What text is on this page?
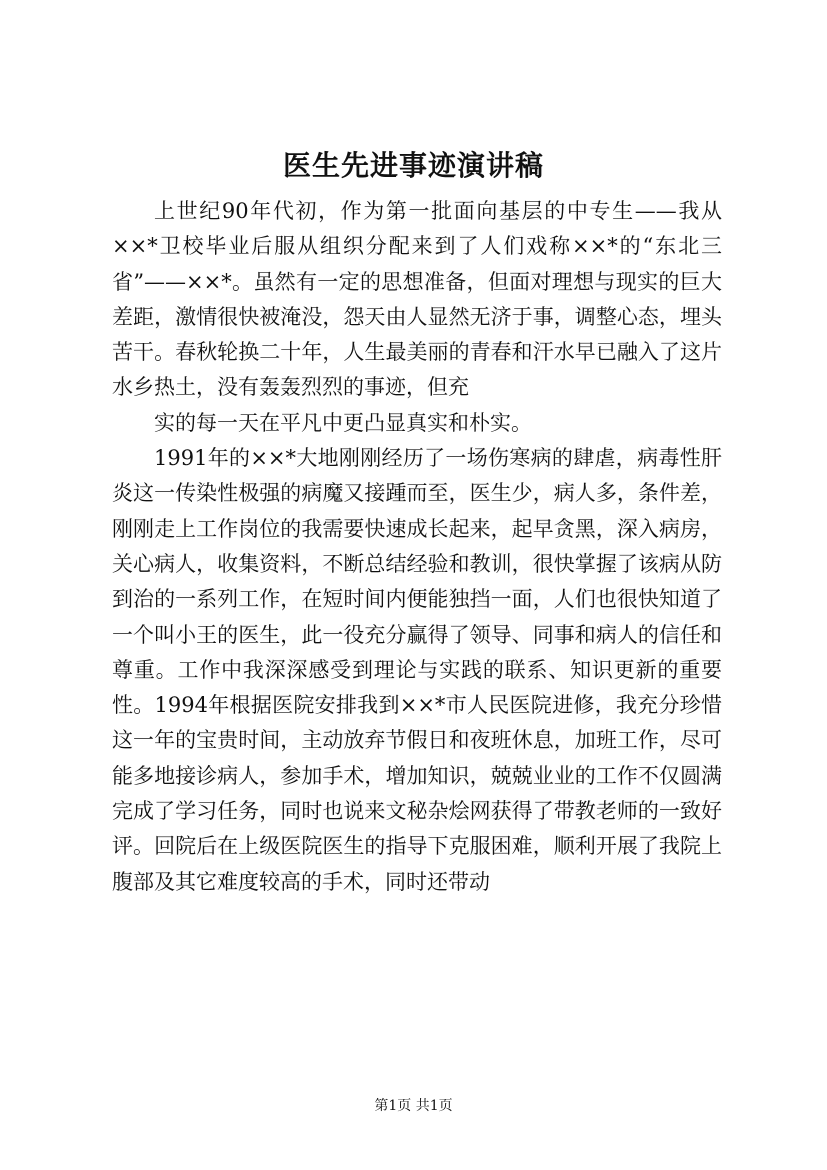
医生先进事迹演讲稿

上世纪90年代初，作为第一批面向基层的中专生——我从××*卫校毕业后服从组织分配来到了人们戏称××*的“东北三省”——××*。虽然有一定的思想准备，但面对理想与现实的巨大差距，激情很快被淹没，怨天由人显然无济于事，调整心态，埋头苦干。春秋轮换二十年，人生最美丽的青春和汗水早已融入了这片水乡热土，没有轰轰烈烈的事迹，但充

实的每一天在平凡中更凸显真实和朴实。

1991年的××*大地刚刚经历了一场伤寒病的肆虐，病毒性肝炎这一传染性极强的病魔又接踵而至，医生少，病人多，条件差，刚刚走上工作岗位的我需要快速成长起来，起早贪黑，深入病房，关心病人，收集资料，不断总结经验和教训，很快掌握了该病从防到治的一系列工作，在短时间内便能独挡一面，人们也很快知道了一个叫小王的医生，此一役充分赢得了领导、同事和病人的信任和尊重。工作中我深深感受到理论与实践的联系、知识更新的重要性。1994年根据医院安排我到××*市人民医院进修，我充分珍惜这一年的宝贵时间，主动放弃节假日和夜班休息，加班工作，尽可能多地接诊病人，参加手术，增加知识，兢兢业业的工作不仅圆满完成了学习任务，同时也说来文秘杂烩网获得了带教老师的一致好评。回院后在上级医院医生的指导下克服困难，顺利开展了我院上腹部及其它难度较高的手术，同时还带动

第1页 共1页
